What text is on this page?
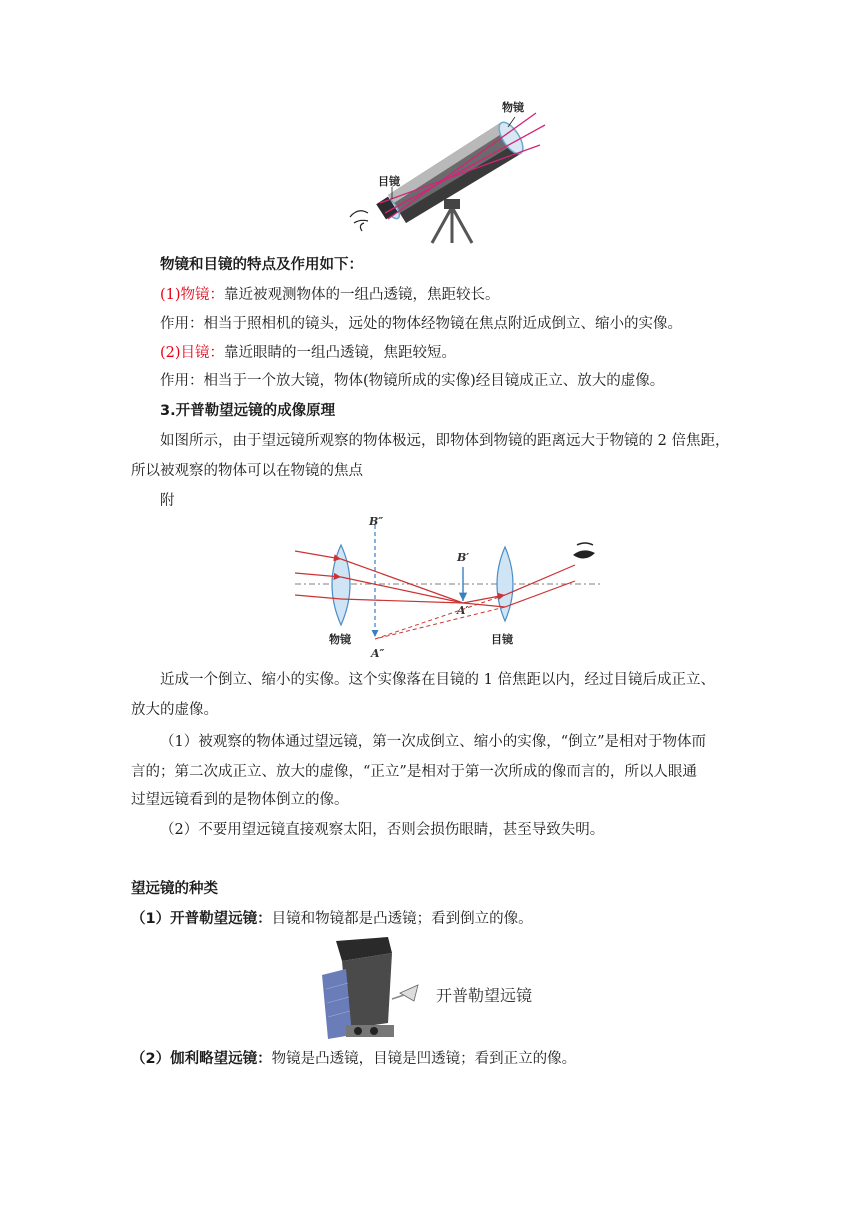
物镜
目镜
物镜和目镜的特点及作用如下：
(1)物镜：靠近被观测物体的一组凸透镜，焦距较长。
作用：相当于照相机的镜头，远处的物体经物镜在焦点附近成倒立、缩小的实像。
(2)目镜：靠近眼睛的一组凸透镜，焦距较短。
作用：相当于一个放大镜，物体(物镜所成的实像)经目镜成正立、放大的虚像。
3.开普勒望远镜的成像原理
如图所示，由于望远镜所观察的物体极远，即物体到物镜的距离远大于物镜的 2 倍焦距，
所以被观察的物体可以在物镜的焦点
附
B″
B′
A′
A″
物镜	目镜
近成一个倒立、缩小的实像。这个实像落在目镜的 1 倍焦距以内，经过目镜后成正立、
放大的虚像。
（1）被观察的物体通过望远镜，第一次成倒立、缩小的实像，“倒立”是相对于物体而
言的；第二次成正立、放大的虚像，“正立”是相对于第一次所成的像而言的，所以人眼通
过望远镜看到的是物体倒立的像。
（2）不要用望远镜直接观察太阳，否则会损伤眼睛，甚至导致失明。
望远镜的种类
（1）开普勒望远镜：目镜和物镜都是凸透镜；看到倒立的像。
开普勒望远镜
（2）伽利略望远镜：物镜是凸透镜，目镜是凹透镜；看到正立的像。
